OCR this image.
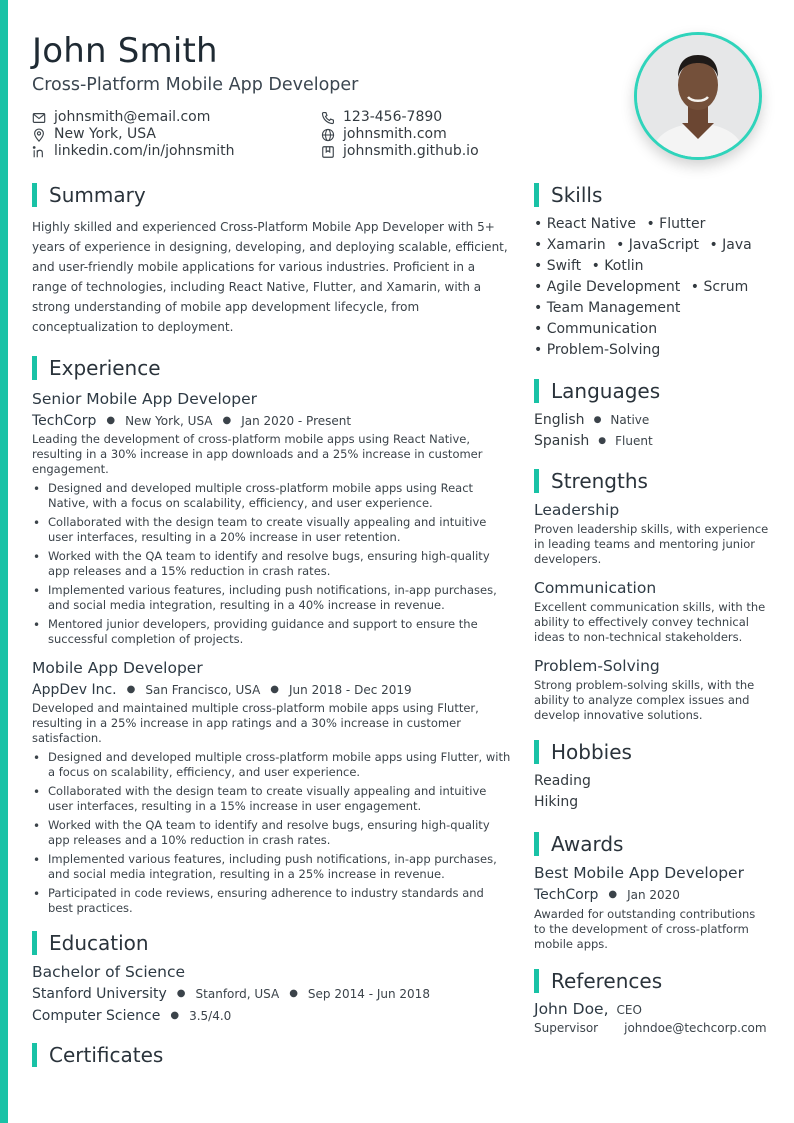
John Smith
Cross-Platform Mobile App Developer
johnsmith@email.com	123-456-7890
New York, USA	johnsmith.com
linkedin.com/in/johnsmith	johnsmith.github.io
Summary
Highly skilled and experienced Cross-Platform Mobile App Developer with 5+ years of experience in designing, developing, and deploying scalable, efficient, and user-friendly mobile applications for various industries. Proficient in a range of technologies, including React Native, Flutter, and Xamarin, with a strong understanding of mobile app development lifecycle, from conceptualization to deployment.
Experience
Senior Mobile App Developer
TechCorp ● New York, USA ● Jan 2020 - Present
Leading the development of cross-platform mobile apps using React Native, resulting in a 30% increase in app downloads and a 25% increase in customer engagement.
• Designed and developed multiple cross-platform mobile apps using React Native, with a focus on scalability, efficiency, and user experience.
• Collaborated with the design team to create visually appealing and intuitive user interfaces, resulting in a 20% increase in user retention.
• Worked with the QA team to identify and resolve bugs, ensuring high-quality app releases and a 15% reduction in crash rates.
• Implemented various features, including push notifications, in-app purchases, and social media integration, resulting in a 40% increase in revenue.
• Mentored junior developers, providing guidance and support to ensure the successful completion of projects.
Mobile App Developer
AppDev Inc. ● San Francisco, USA ● Jun 2018 - Dec 2019
Developed and maintained multiple cross-platform mobile apps using Flutter, resulting in a 25% increase in app ratings and a 30% increase in customer satisfaction.
• Designed and developed multiple cross-platform mobile apps using Flutter, with a focus on scalability, efficiency, and user experience.
• Collaborated with the design team to create visually appealing and intuitive user interfaces, resulting in a 15% increase in user engagement.
• Worked with the QA team to identify and resolve bugs, ensuring high-quality app releases and a 10% reduction in crash rates.
• Implemented various features, including push notifications, in-app purchases, and social media integration, resulting in a 25% increase in revenue.
• Participated in code reviews, ensuring adherence to industry standards and best practices.
Education
Bachelor of Science
Stanford University ● Stanford, USA ● Sep 2014 - Jun 2018
Computer Science ● 3.5/4.0
Certificates
Skills
• React Native • Flutter
• Xamarin • JavaScript • Java
• Swift • Kotlin
• Agile Development • Scrum
• Team Management
• Communication
• Problem-Solving
Languages
English ● Native
Spanish ● Fluent
Strengths
Leadership
Proven leadership skills, with experience in leading teams and mentoring junior developers.
Communication
Excellent communication skills, with the ability to effectively convey technical ideas to non-technical stakeholders.
Problem-Solving
Strong problem-solving skills, with the ability to analyze complex issues and develop innovative solutions.
Hobbies
Reading
Hiking
Awards
Best Mobile App Developer
TechCorp ● Jan 2020
Awarded for outstanding contributions to the development of cross-platform mobile apps.
References
John Doe, CEO
Supervisor johndoe@techcorp.com
